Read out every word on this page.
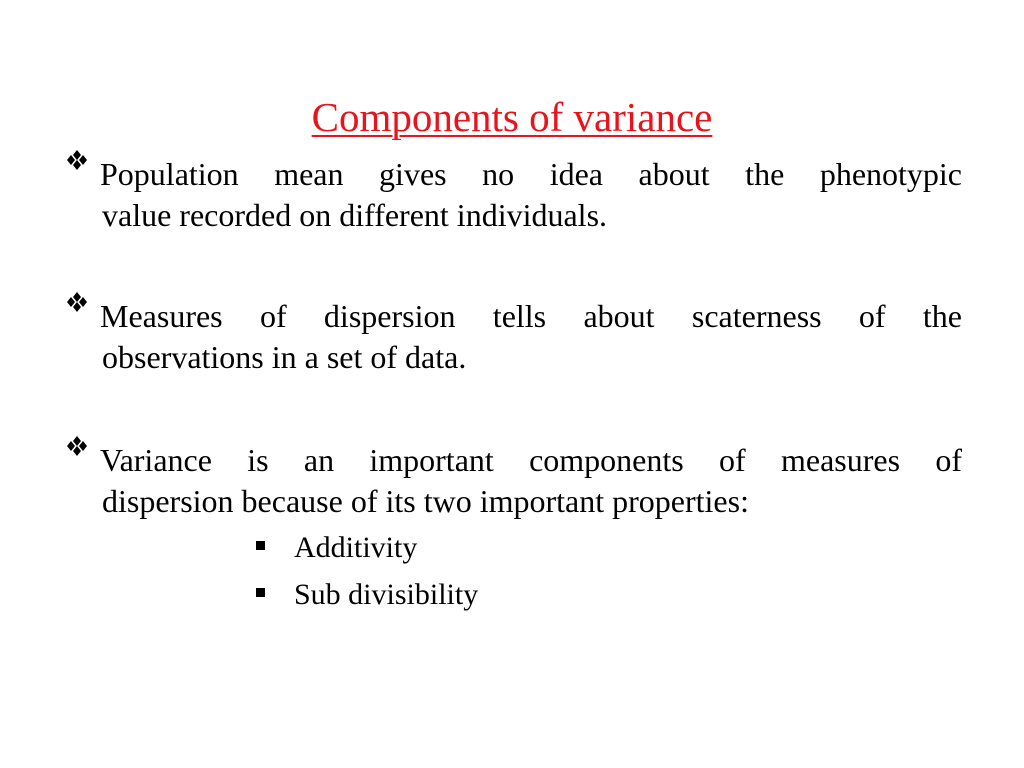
Components of variance
Population mean gives no idea about the phenotypic
value recorded on different individuals.
Measures of dispersion tells about scaterness of the
observations in a set of data.
Variance is an important components of measures of
dispersion because of its two important properties:
Additivity
Sub divisibility
